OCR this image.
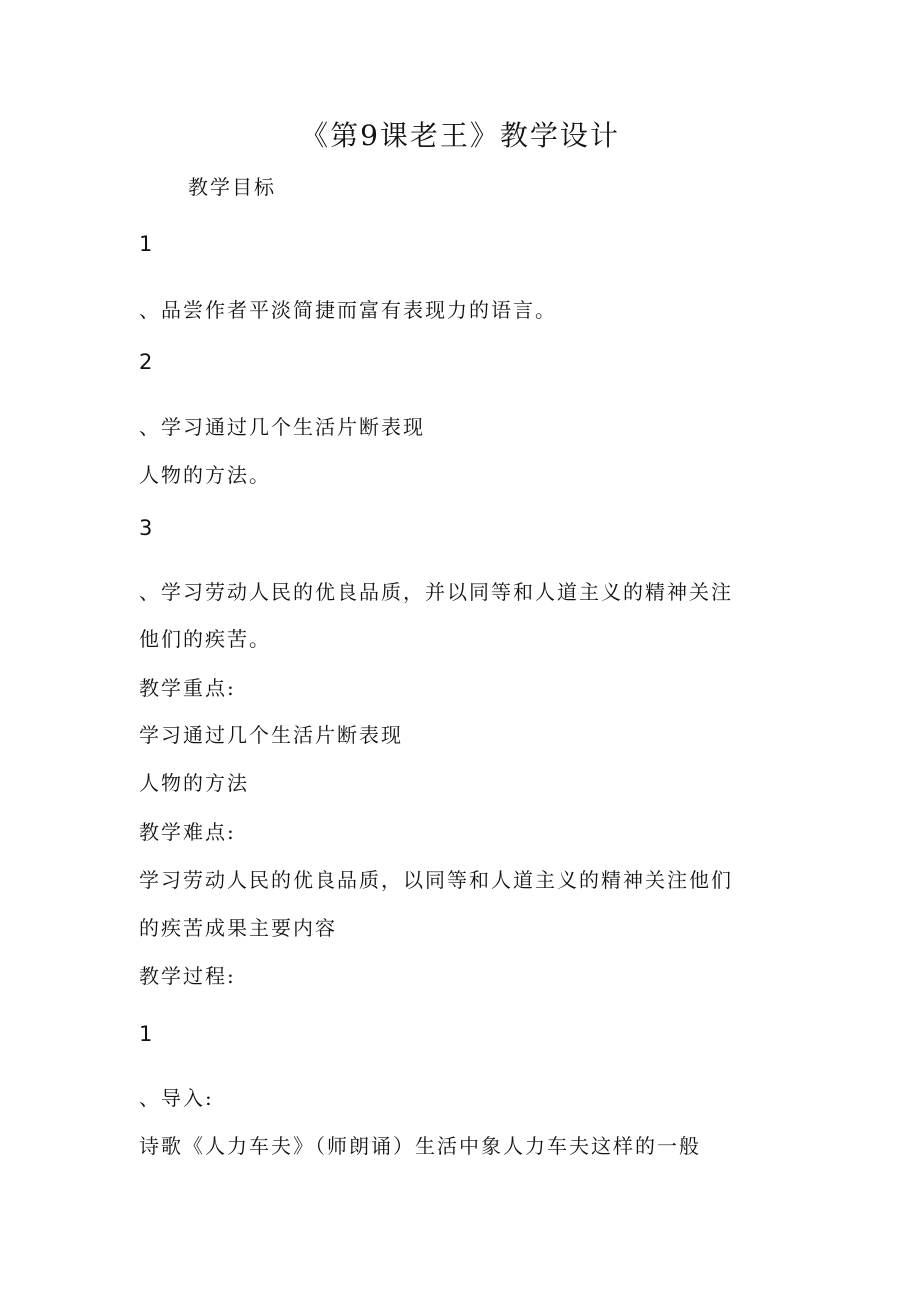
《第9课老王》教学设计
教学目标
1
、品尝作者平淡简捷而富有表现力的语言。
2
、学习通过几个生活片断表现
人物的方法。
3
、学习劳动人民的优良品质，并以同等和人道主义的精神关注
他们的疾苦。
教学重点:
学习通过几个生活片断表现
人物的方法
教学难点:
学习劳动人民的优良品质，以同等和人道主义的精神关注他们
的疾苦成果主要内容
教学过程:
1
、导入:
诗歌《人力车夫》（师朗诵）生活中象人力车夫这样的一般
